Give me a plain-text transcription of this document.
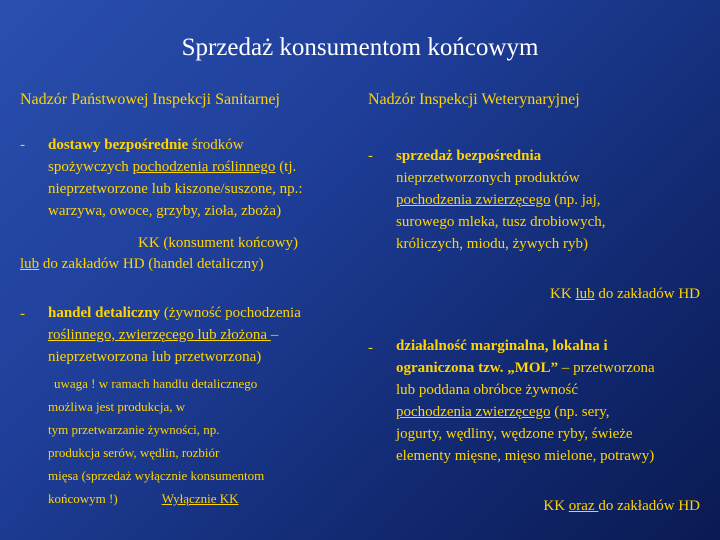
Sprzedaż konsumentom końcowym
Nadzór Państwowej Inspekcji Sanitarnej
- dostawy bezpośrednie środków
spożywczych pochodzenia roślinnego (tj.
nieprzetworzone lub kiszone/suszone, np.:
warzywa, owoce, grzyby, zioła, zboża)
KK (konsument końcowy)
lub do zakładów HD (handel detaliczny)
- handel detaliczny (żywność pochodzenia
roślinnego, zwierzęcego lub złożona –
nieprzetworzona lub przetworzona)
uwaga ! w ramach handlu detalicznego
możliwa jest produkcja, w
tym przetwarzanie żywności, np.
produkcja serów, wędlin, rozbiór
mięsa (sprzedaż wyłącznie konsumentom
końcowym !)	Wyłącznie KK
Nadzór Inspekcji Weterynaryjnej
- sprzedaż bezpośrednia
nieprzetworzonych produktów
pochodzenia zwierzęcego (np. jaj,
surowego mleka, tusz drobiowych,
króliczych, miodu, żywych ryb)
KK lub do zakładów HD
- działalność marginalna, lokalna i
ograniczona tzw. „MOL” – przetworzona
lub poddana obróbce żywność
pochodzenia zwierzęcego (np. sery,
jogurty, wędliny, wędzone ryby, świeże
elementy mięsne, mięso mielone, potrawy)
KK oraz do zakładów HD
